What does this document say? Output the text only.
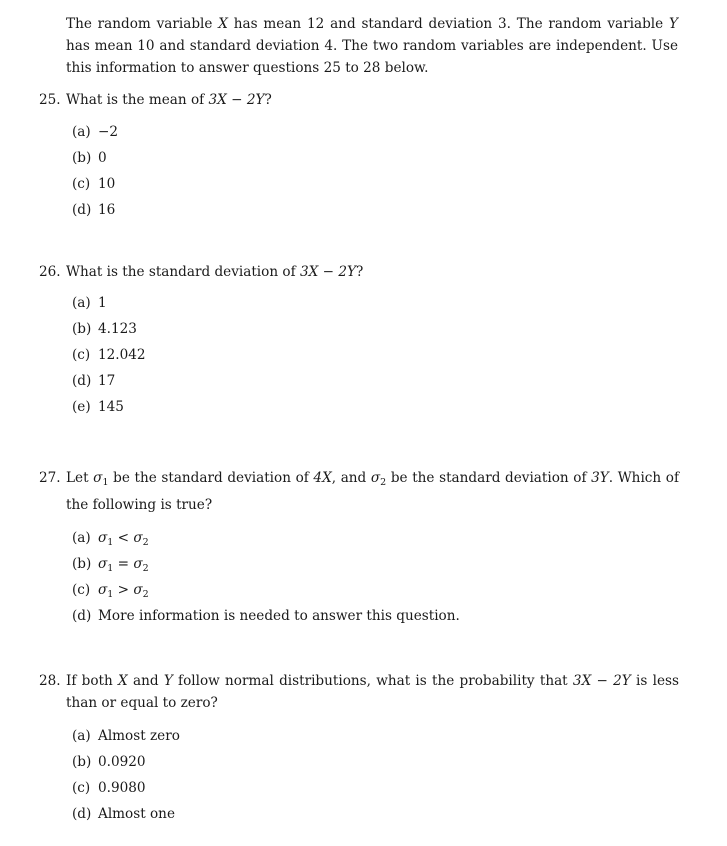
The random variable X has mean 12 and standard deviation 3. The random variable Y has mean 10 and standard deviation 4. The two random variables are independent. Use this information to answer questions 25 to 28 below.
25. What is the mean of 3X − 2Y?
(a) −2
(b) 0
(c) 10
(d) 16
26. What is the standard deviation of 3X − 2Y?
(a) 1
(b) 4.123
(c) 12.042
(d) 17
(e) 145
27. Let $\sigma_1$ be the standard deviation of 4X, and $\sigma_2$ be the standard deviation of 3Y. Which of the following is true?
(a) $\sigma_1 < \sigma_2$
(b) $\sigma_1 = \sigma_2$
(c) $\sigma_1 > \sigma_2$
(d) More information is needed to answer this question.
28. If both X and Y follow normal distributions, what is the probability that 3X − 2Y is less than or equal to zero?
(a) Almost zero
(b) 0.0920
(c) 0.9080
(d) Almost one
